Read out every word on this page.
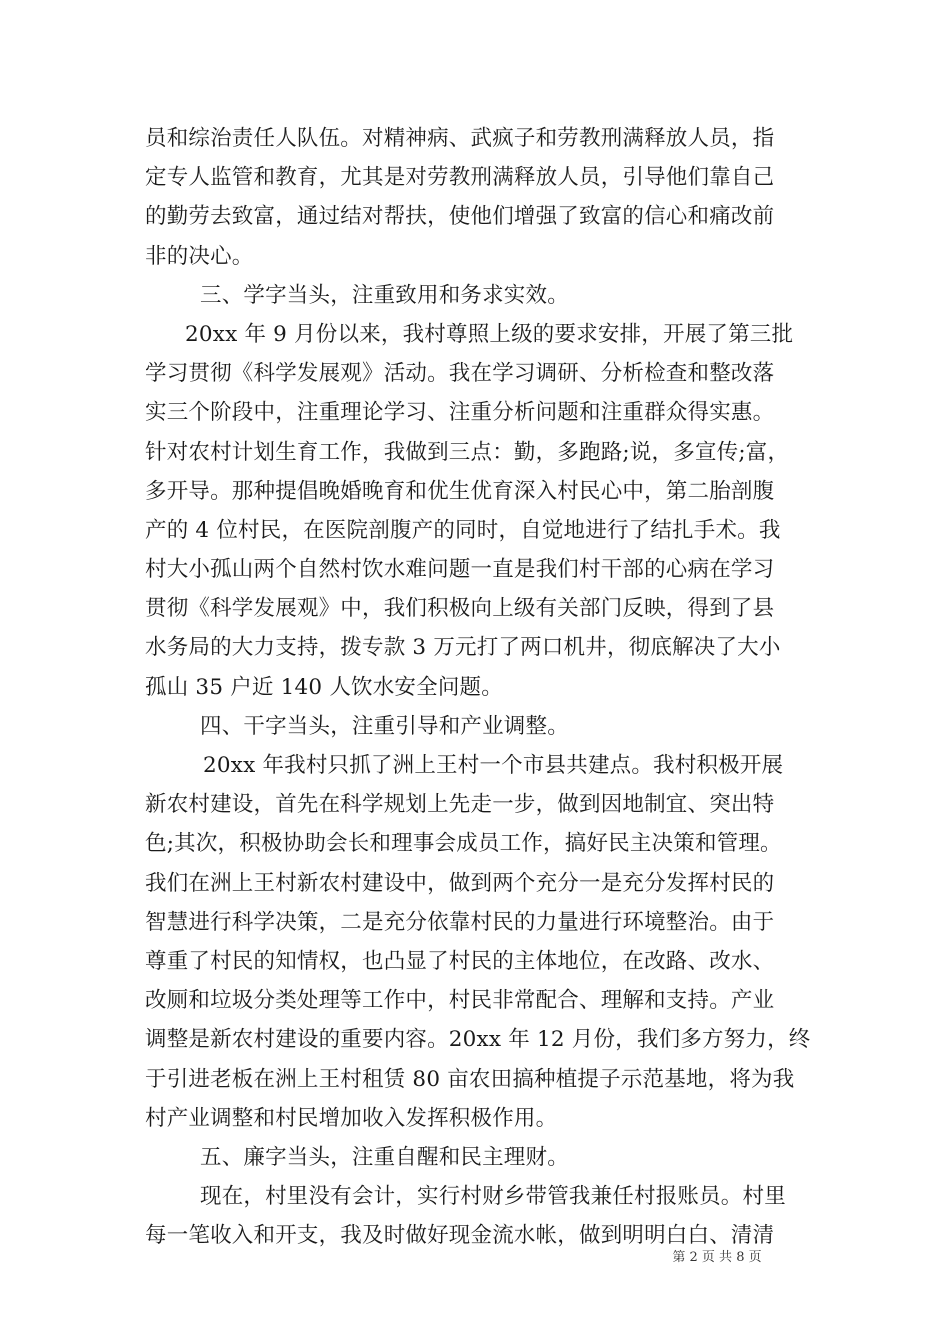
员和综治责任人队伍。对精神病、武疯子和劳教刑满释放人员，指
定专人监管和教育，尤其是对劳教刑满释放人员，引导他们靠自己
的勤劳去致富，通过结对帮扶，使他们增强了致富的信心和痛改前
非的决心。
三、学字当头，注重致用和务求实效。
20xx 年 9 月份以来，我村尊照上级的要求安排，开展了第三批
学习贯彻《科学发展观》活动。我在学习调研、分析检查和整改落
实三个阶段中，注重理论学习、注重分析问题和注重群众得实惠。
针对农村计划生育工作，我做到三点：勤，多跑路;说，多宣传;富，
多开导。那种提倡晚婚晚育和优生优育深入村民心中，第二胎剖腹
产的 4 位村民，在医院剖腹产的同时，自觉地进行了结扎手术。我
村大小孤山两个自然村饮水难问题一直是我们村干部的心病在学习
贯彻《科学发展观》中，我们积极向上级有关部门反映，得到了县
水务局的大力支持，拨专款 3 万元打了两口机井，彻底解决了大小
孤山 35 户近 140 人饮水安全问题。
四、干字当头，注重引导和产业调整。
20xx 年我村只抓了洲上王村一个市县共建点。我村积极开展
新农村建设，首先在科学规划上先走一步，做到因地制宜、突出特
色;其次，积极协助会长和理事会成员工作，搞好民主决策和管理。
我们在洲上王村新农村建设中，做到两个充分一是充分发挥村民的
智慧进行科学决策，二是充分依靠村民的力量进行环境整治。由于
尊重了村民的知情权，也凸显了村民的主体地位，在改路、改水、
改厕和垃圾分类处理等工作中，村民非常配合、理解和支持。产业
调整是新农村建设的重要内容。20xx 年 12 月份，我们多方努力，终
于引进老板在洲上王村租赁 80 亩农田搞种植提子示范基地，将为我
村产业调整和村民增加收入发挥积极作用。
五、廉字当头，注重自醒和民主理财。
现在，村里没有会计，实行村财乡带管我兼任村报账员。村里
每一笔收入和开支，我及时做好现金流水帐，做到明明白白、清清
第 2 页 共 8 页
